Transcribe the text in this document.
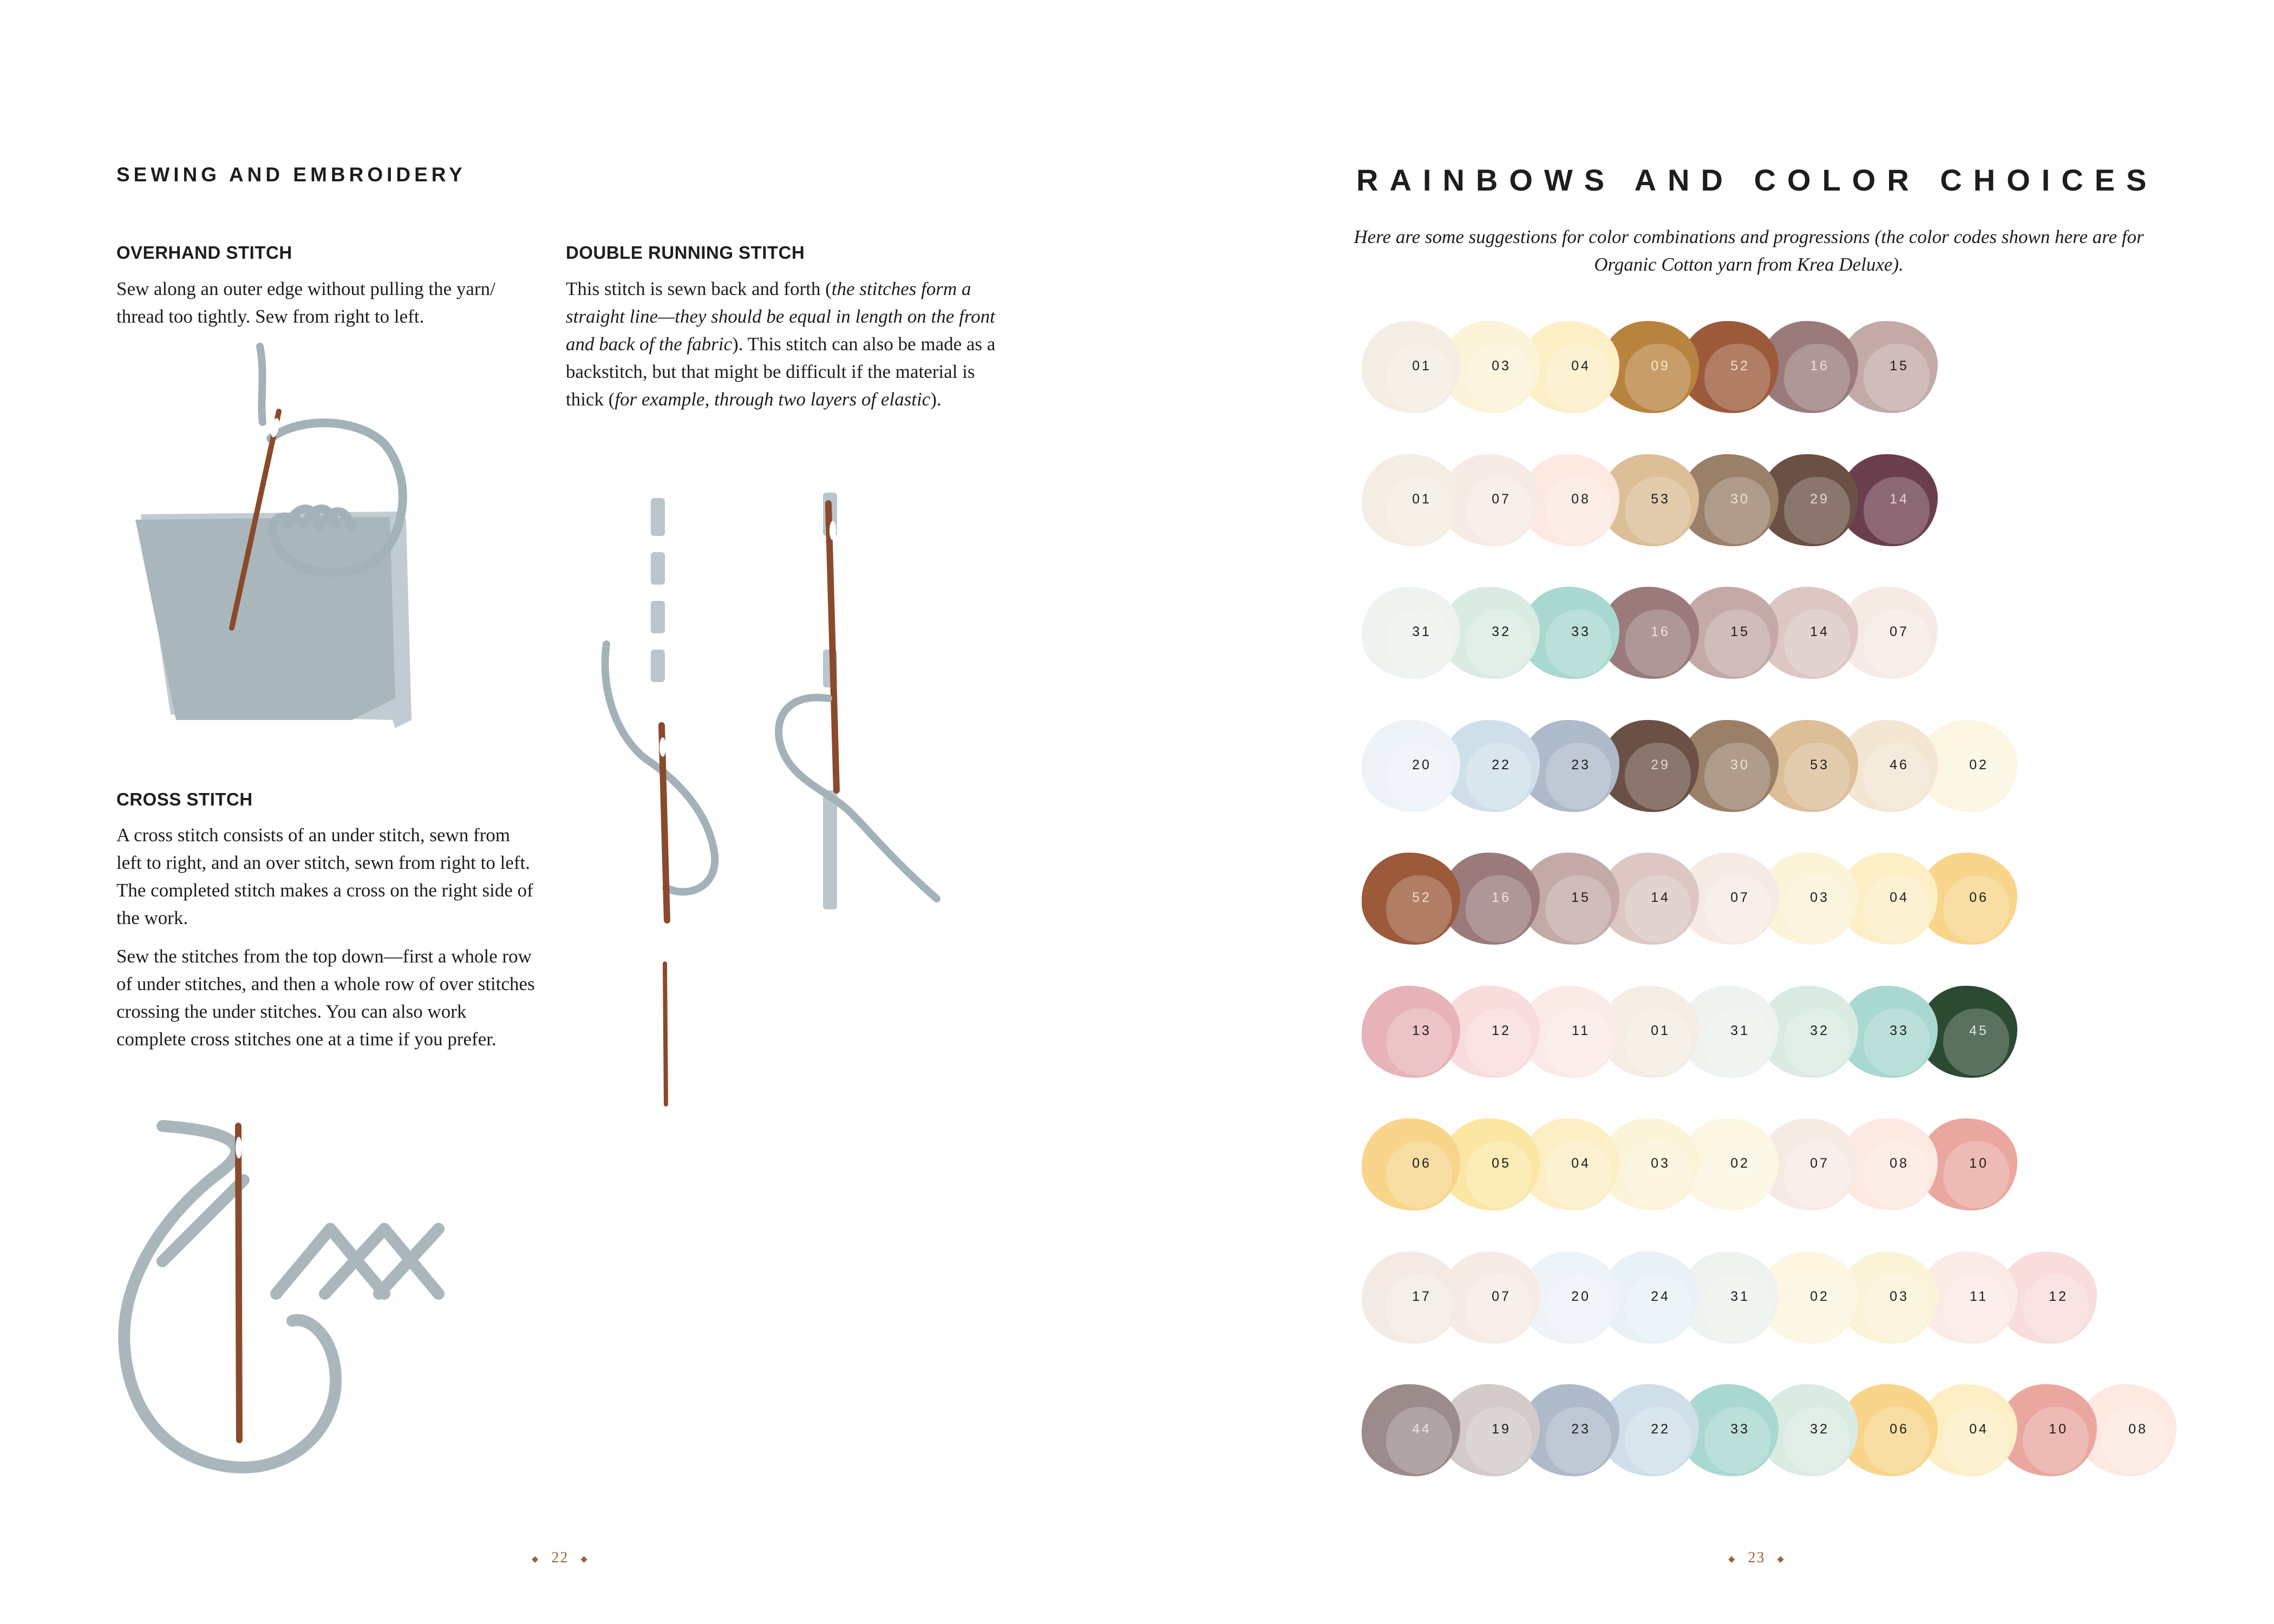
SEWING AND EMBROIDERY
OVERHAND STITCH

Sew along an outer edge without pulling the yarn/ thread too tightly. Sew from right to left.

DOUBLE RUNNING STITCH

This stitch is sewn back and forth (the stitches form a straight line—they should be equal in length on the front and back of the fabric). This stitch can also be made as a backstitch, but that might be difficult if the material is thick (for example, through two layers of elastic).

CROSS STITCH

A cross stitch consists of an under stitch, sewn from left to right, and an over stitch, sewn from right to left. The completed stitch makes a cross on the right side of the work.

Sew the stitches from the top down—first a whole row of under stitches, and then a whole row of over stitches crossing the under stitches. You can also work complete cross stitches one at a time if you prefer.

◆ 22 ◆
RAINBOWS AND COLOR CHOICES
Here are some suggestions for color combinations and progressions (the color codes shown here are for Organic Cotton yarn from Krea Deluxe).
01	03	04	09	52	16	15
01	07	08	53	30	29	14
31	32	33	16	15	14	07
20	22	23	29	30	53	46	02
52	16	15	14	07	03	04	06
13	12	11	01	31	32	33	45
06	05	04	03	02	07	08	10
17	07	20	24	31	02	03	11	12
44	19	23	22	33	32	06	04	10	08
◆ 23 ◆
